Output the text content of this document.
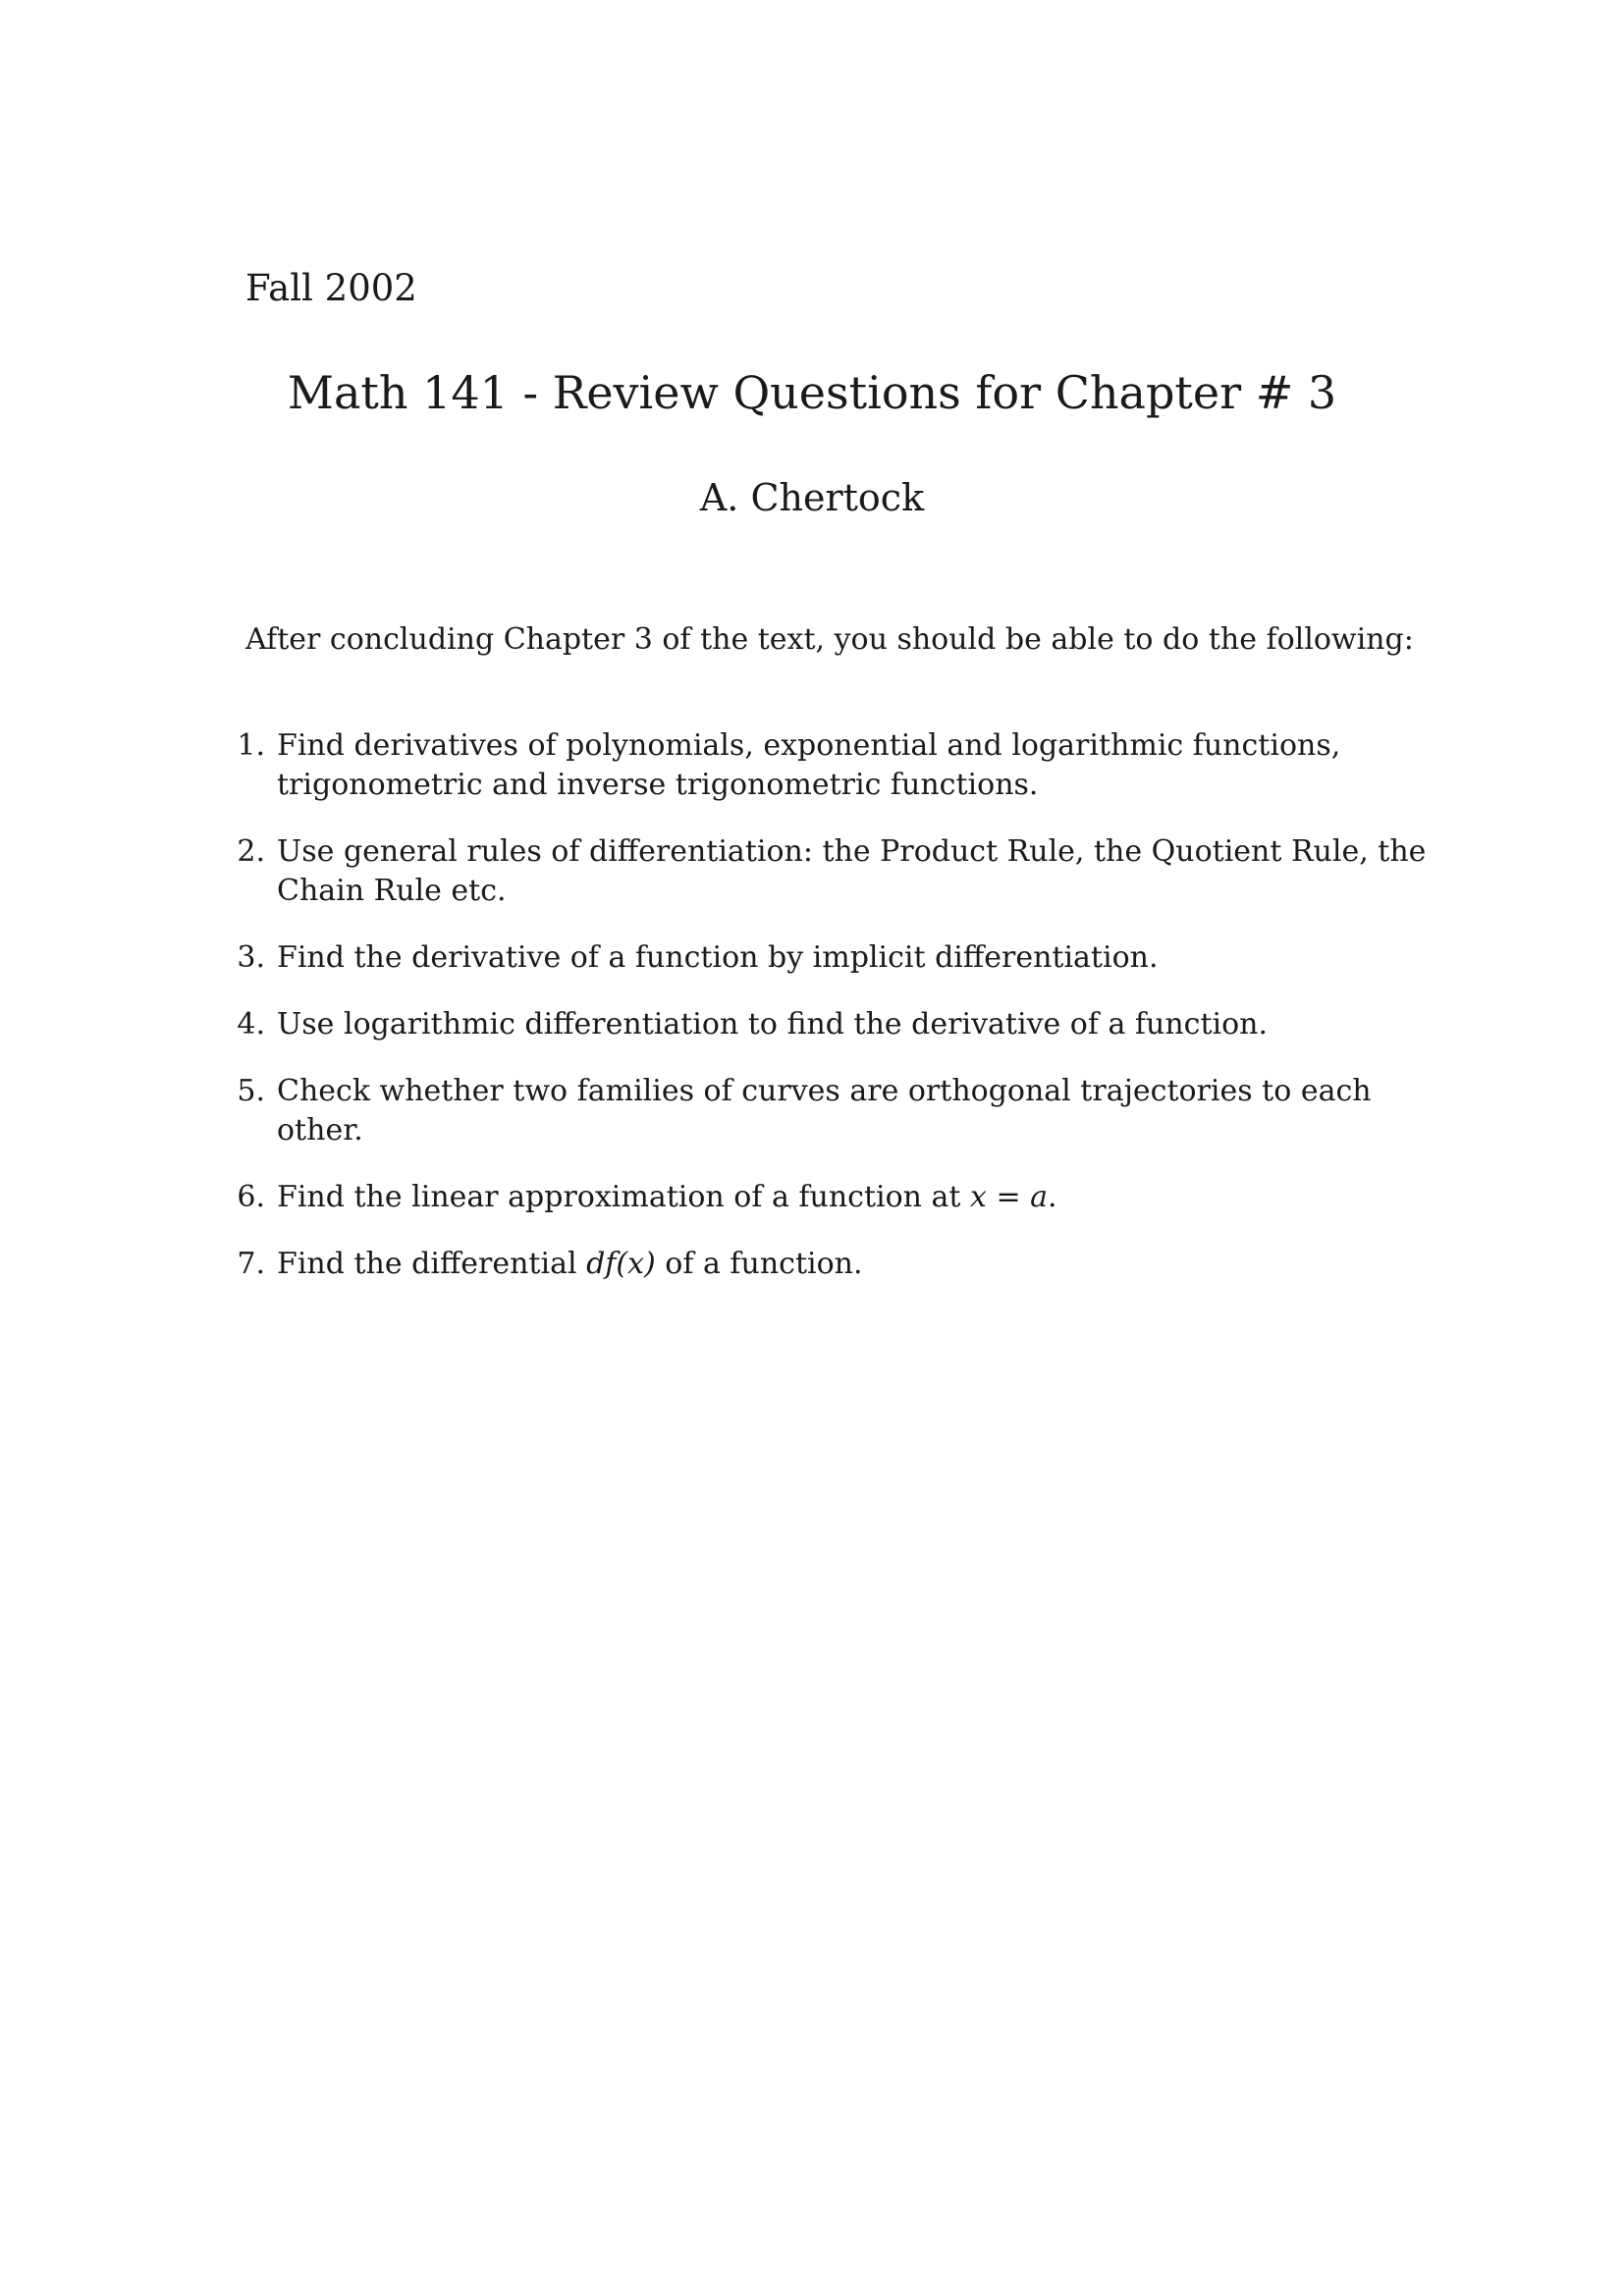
Fall 2002
Math 141 - Review Questions for Chapter # 3
A. Chertock
After concluding Chapter 3 of the text, you should be able to do the following:
1. Find derivatives of polynomials, exponential and logarithmic functions, trigonometric and inverse trigonometric functions.
2. Use general rules of differentiation: the Product Rule, the Quotient Rule, the Chain Rule etc.
3. Find the derivative of a function by implicit differentiation.
4. Use logarithmic differentiation to find the derivative of a function.
5. Check whether two families of curves are orthogonal trajectories to each other.
6. Find the linear approximation of a function at x = a.
7. Find the differential df(x) of a function.
